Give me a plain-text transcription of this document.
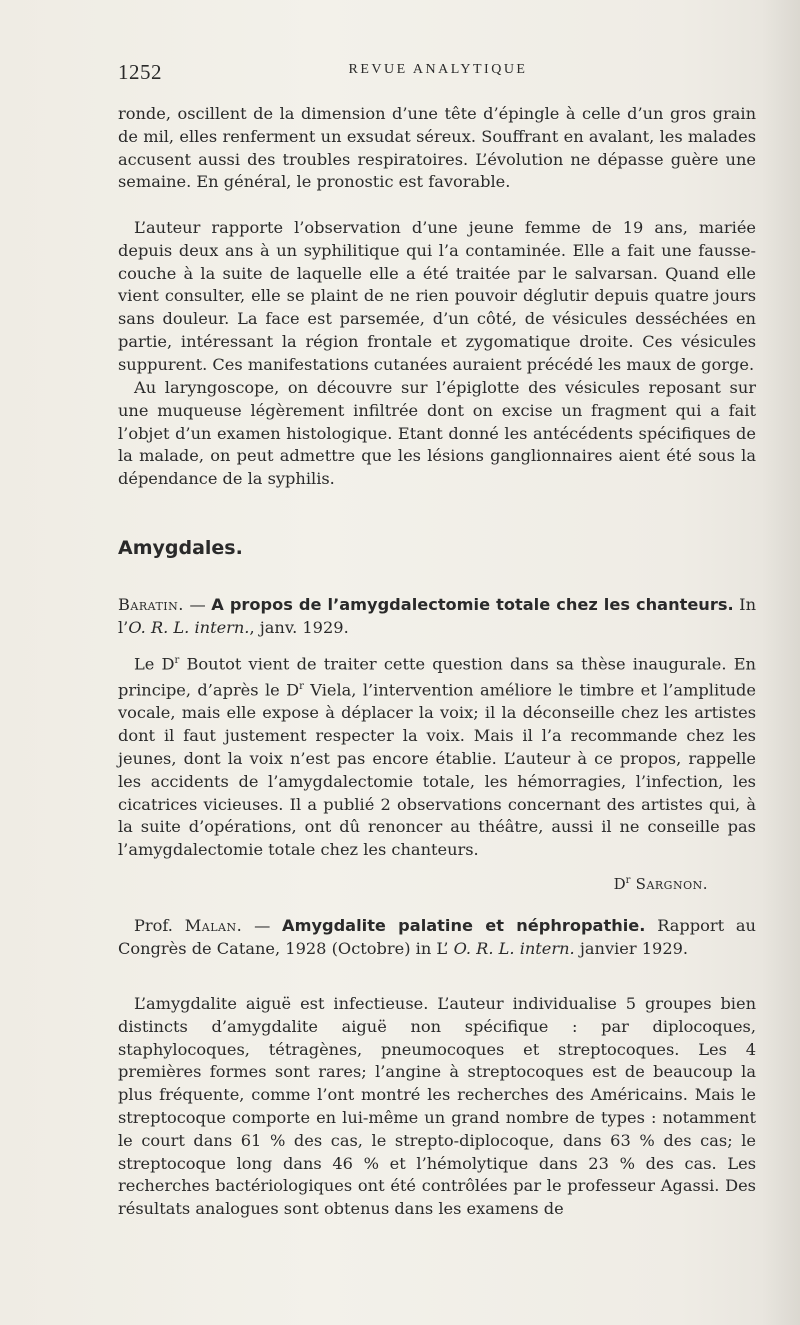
1252	REVUE ANALYTIQUE

ronde, oscillent de la dimension d’une tête d’épingle à celle d’un gros grain de mil, elles renferment un exsudat séreux. Souffrant en avalant, les malades accusent aussi des troubles respiratoires. L’évolution ne dépasse guère une semaine. En général, le pronostic est favorable.

L’auteur rapporte l’observation d’une jeune femme de 19 ans, mariée depuis deux ans à un syphilitique qui l’a contaminée. Elle a fait une fausse-couche à la suite de laquelle elle a été traitée par le salvarsan. Quand elle vient consulter, elle se plaint de ne rien pouvoir déglutir depuis quatre jours sans douleur. La face est parsemée, d’un côté, de vésicules desséchées en partie, intéressant la région frontale et zygomatique droite. Ces vésicules suppurent. Ces manifestations cutanées auraient précédé les maux de gorge.

Au laryngoscope, on découvre sur l’épiglotte des vésicules reposant sur une muqueuse légèrement infiltrée dont on excise un fragment qui a fait l’objet d’un examen histologique. Etant donné les antécédents spécifiques de la malade, on peut admettre que les lésions ganglionnaires aient été sous la dépendance de la syphilis.

Amygdales.

Baratin. — A propos de l’amygdalectomie totale chez les chanteurs. In l’O. R. L. intern., janv. 1929.

Le $D^r$ Boutot vient de traiter cette question dans sa thèse inaugurale. En principe, d’après le $D^r$ Viela, l’intervention améliore le timbre et l’amplitude vocale, mais elle expose à déplacer la voix; il la déconseille chez les artistes dont il faut justement respecter la voix. Mais il l’a recommande chez les jeunes, dont la voix n’est pas encore établie. L’auteur à ce propos, rappelle les accidents de l’amygdalectomie totale, les hémorragies, l’infection, les cicatrices vicieuses. Il a publié 2 observations concernant des artistes qui, à la suite d’opérations, ont dû renoncer au théâtre, aussi il ne conseille pas l’amygdalectomie totale chez les chanteurs.

$D^r$ Sargnon.

Prof. Malan. — Amygdalite palatine et néphropathie. Rapport au Congrès de Catane, 1928 (Octobre) in L’ O. R. L. intern. janvier 1929.

L’amygdalite aiguë est infectieuse. L’auteur individualise 5 groupes bien distincts d’amygdalite aiguë non spécifique : par diplocoques, staphylocoques, tétragènes, pneumocoques et streptocoques. Les 4 premières formes sont rares; l’angine à streptocoques est de beaucoup la plus fréquente, comme l’ont montré les recherches des Américains. Mais le streptocoque comporte en lui-même un grand nombre de types : notamment le court dans 61 % des cas, le strepto-diplocoque, dans 63 % des cas; le streptocoque long dans 46 % et l’hémolytique dans 23 % des cas. Les recherches bactériologiques ont été contrôlées par le professeur Agassi. Des résultats analogues sont obtenus dans les examens de
